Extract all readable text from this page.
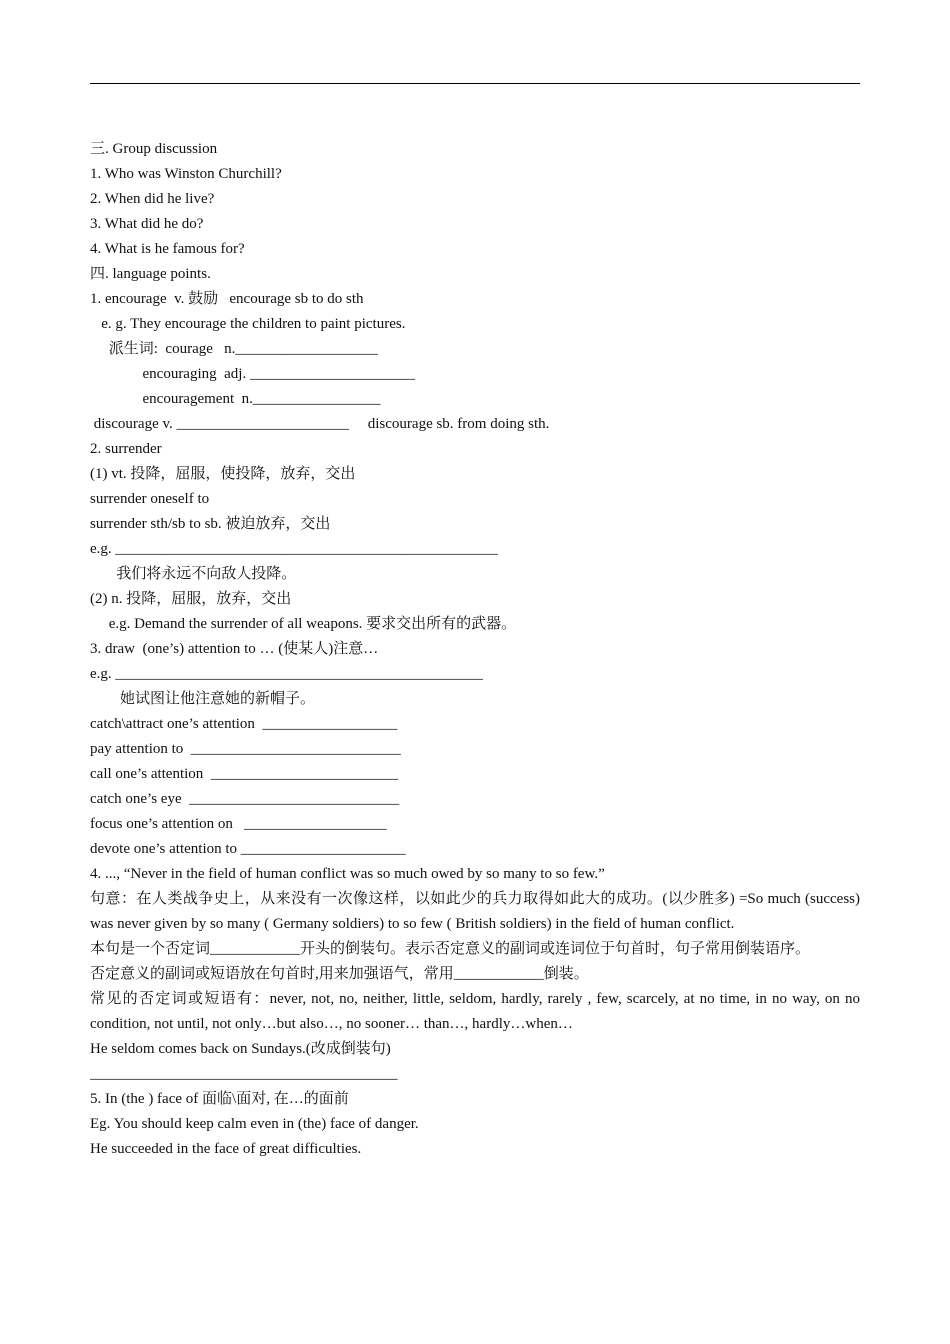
三. Group discussion
1. Who was Winston Churchill?
2. When did he live?
3. What did he do?
4. What is he famous for?
四. language points.
1. encourage  v. 鼓励   encourage sb to do sth
e. g. They encourage the children to paint pictures.
派生词:  courage   n.___________________
encouraging  adj. ______________________
encouragement  n._________________
discourage v. _______________________     discourage sb. from doing sth.
2. surrender
(1) vt. 投降，屈服，使投降，放弃，交出
surrender oneself to
surrender sth/sb to sb. 被迫放弃，交出
e.g. ___________________________________________________
我们将永远不向敌人投降。
(2) n. 投降，屈服，放弃，交出
e.g. Demand the surrender of all weapons. 要求交出所有的武器。
3. draw  (one’s) attention to … (使某人)注意…
e.g. _________________________________________________
她试图让他注意她的新帽子。
catch\attract one’s attention  __________________
pay attention to  ____________________________
call one’s attention  _________________________
catch one’s eye  ____________________________
focus one’s attention on   ___________________
devote one’s attention to ______________________
4. ..., “Never in the field of human conflict was so much owed by so many to so few.”
句意：在人类战争史上，从来没有一次像这样，以如此少的兵力取得如此大的成功。(以少胜多) =So much (success) was never given by so many ( Germany soldiers) to so few ( British soldiers) in the field of human conflict.
本句是一个否定词____________开头的倒装句。表示否定意义的副词或连词位于句首时，句子常用倒装语序。
否定意义的副词或短语放在句首时,用来加强语气，常用____________倒装。
常见的否定词或短语有：never, not, no, neither, little, seldom, hardly, rarely , few, scarcely, at no time, in no way, on no condition, not until, not only…but also…, no sooner… than…, hardly…when…
He seldom comes back on Sundays.(改成倒装句)
_________________________________________
5. In (the ) face of 面临\面对, 在…的面前
Eg. You should keep calm even in (the) face of danger.
He succeeded in the face of great difficulties.
